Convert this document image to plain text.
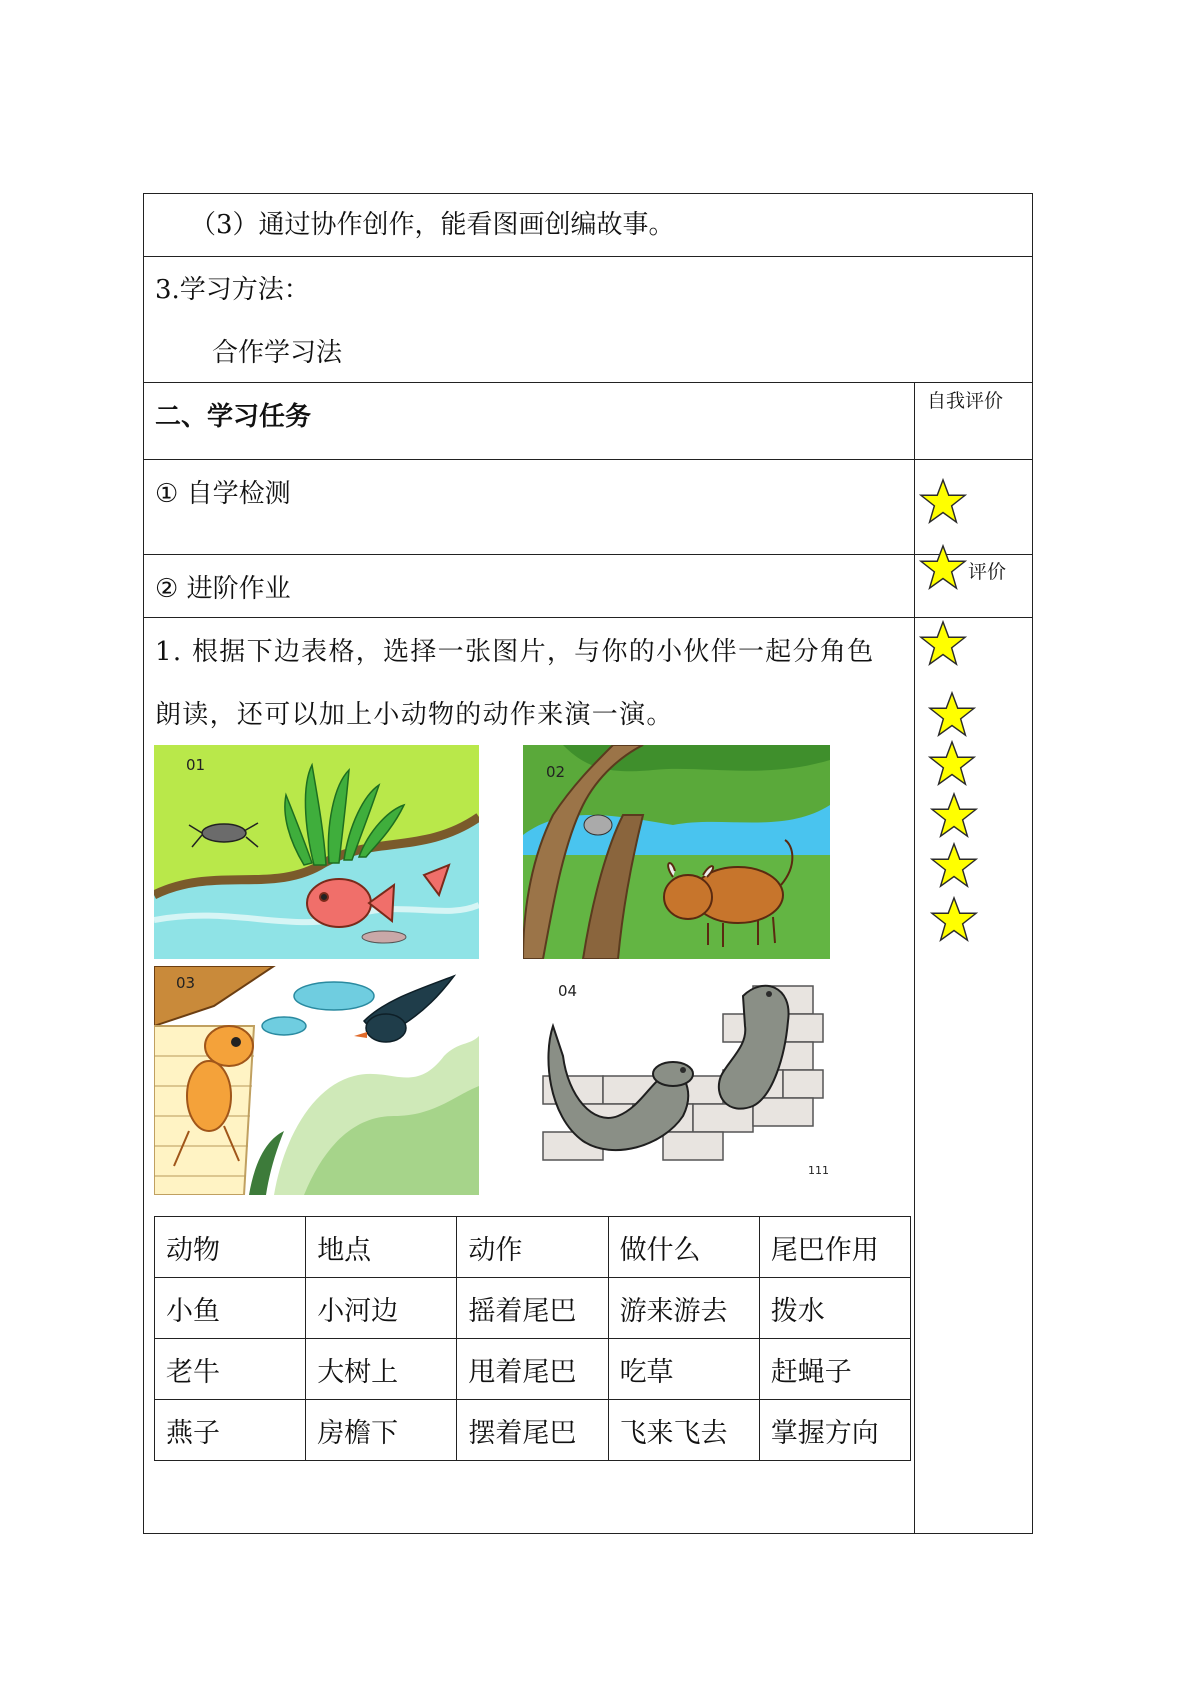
（3）通过协作创作，能看图画创编故事。
3.学习方法：
合作学习法
二、学习任务
自我评价
① 自学检测
② 进阶作业
评价
1. 根据下边表格，选择一张图片，与你的小伙伴一起分角色
朗读，还可以加上小动物的动作来演一演。
01	02
03	04
111
动物	地点	动作	做什么	尾巴作用
小鱼	小河边	摇着尾巴	游来游去	拨水
老牛	大树上	甩着尾巴	吃草	赶蝇子
燕子	房檐下	摆着尾巴	飞来飞去	掌握方向
